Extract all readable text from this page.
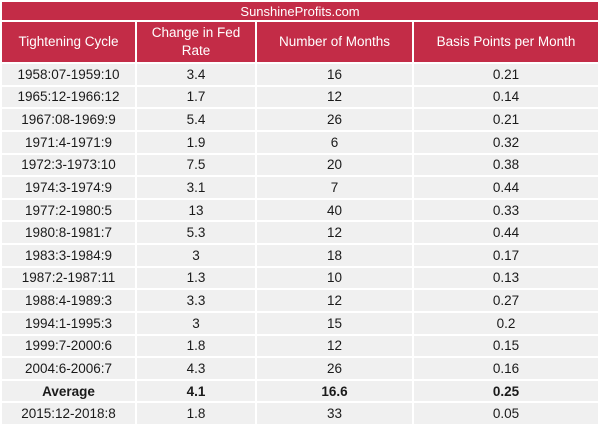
SunshineProfits.com			
Tightening Cycle	Change in Fed Rate	Number of Months	Basis Points per Month
1958:07-1959:10	3.4	16	0.21
1965:12-1966:12	1.7	12	0.14
1967:08-1969:9	5.4	26	0.21
1971:4-1971:9	1.9	6	0.32
1972:3-1973:10	7.5	20	0.38
1974:3-1974:9	3.1	7	0.44
1977:2-1980:5	13	40	0.33
1980:8-1981:7	5.3	12	0.44
1983:3-1984:9	3	18	0.17
1987:2-1987:11	1.3	10	0.13
1988:4-1989:3	3.3	12	0.27
1994:1-1995:3	3	15	0.2
1999:7-2000:6	1.8	12	0.15
2004:6-2006:7	4.3	26	0.16
Average	4.1	16.6	0.25
2015:12-2018:8	1.8	33	0.05
